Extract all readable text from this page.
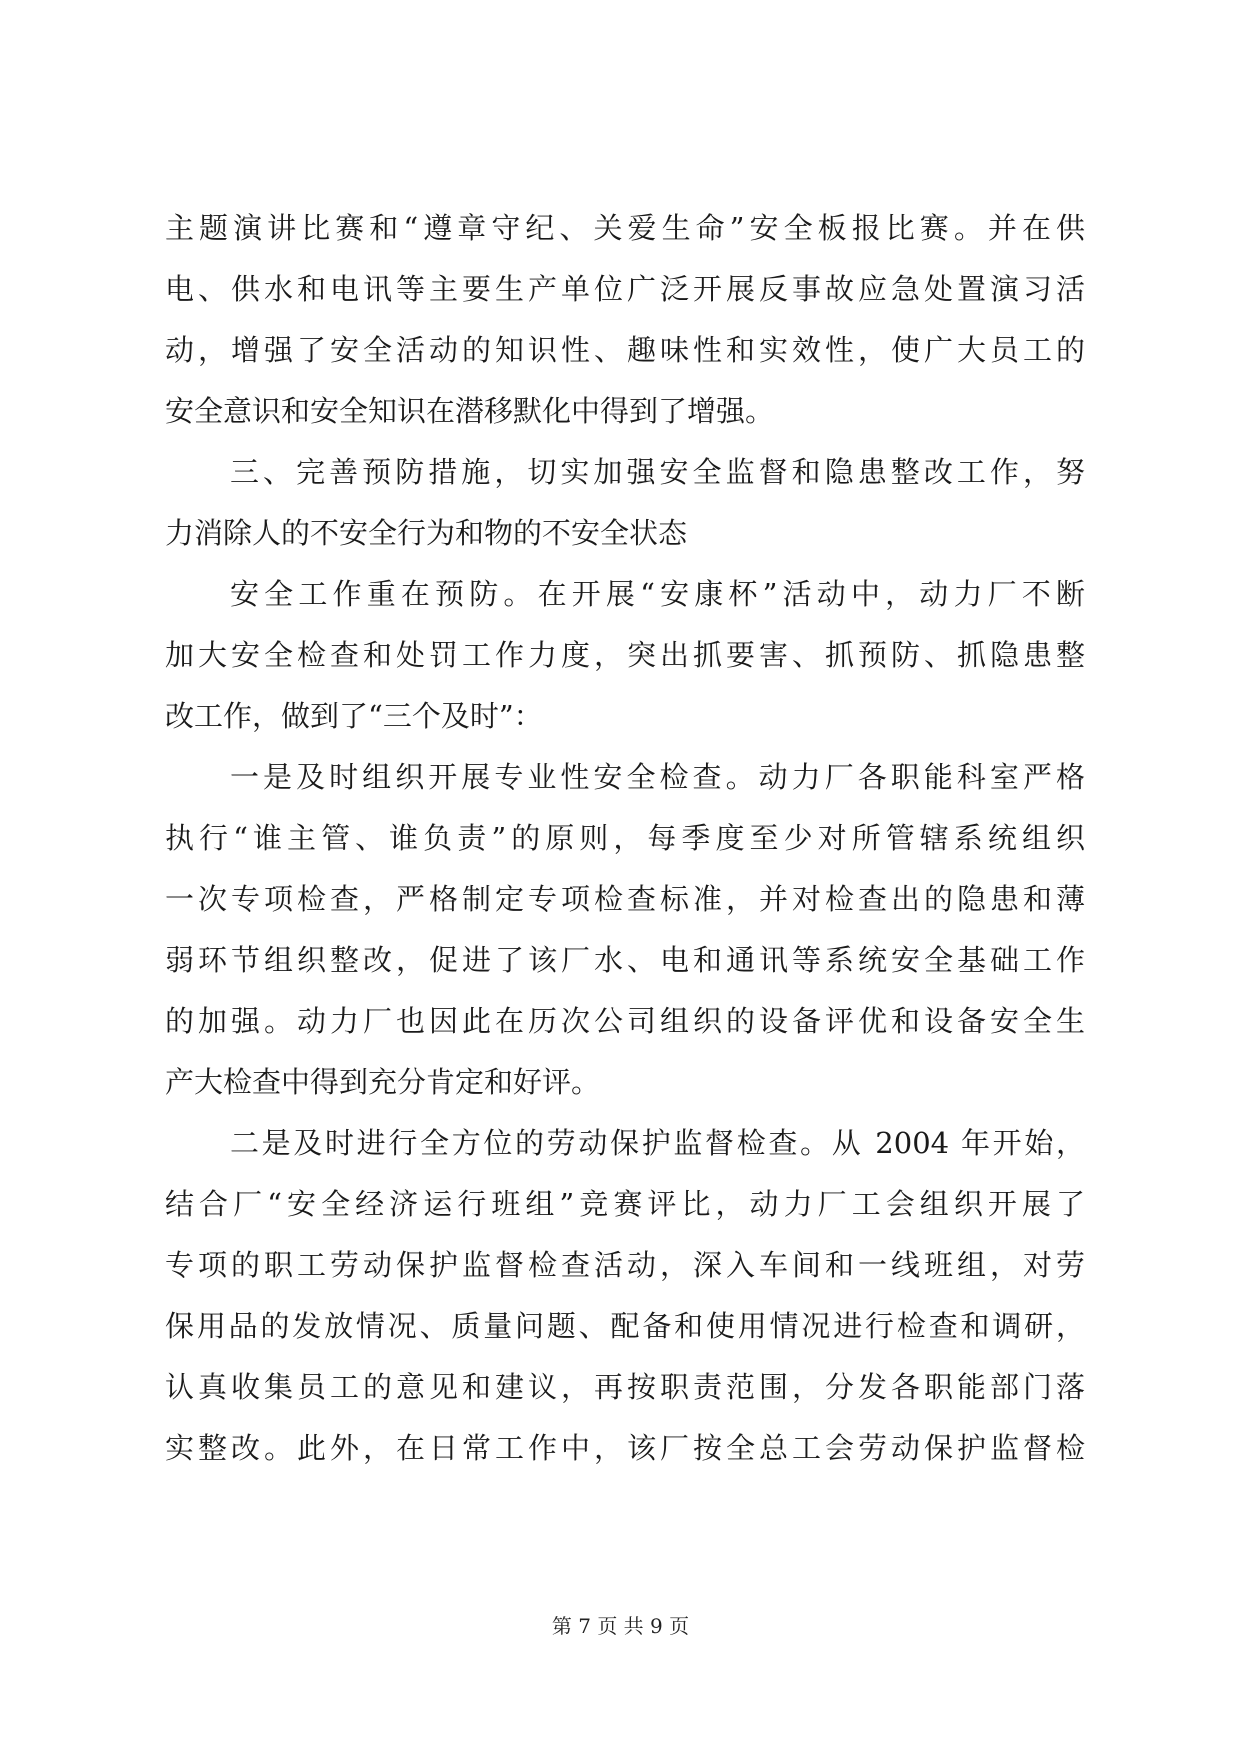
主题演讲比赛和“遵章守纪、关爱生命”安全板报比赛。并在供
电、供水和电讯等主要生产单位广泛开展反事故应急处置演习活
动，增强了安全活动的知识性、趣味性和实效性，使广大员工的
安全意识和安全知识在潜移默化中得到了增强。
三、完善预防措施，切实加强安全监督和隐患整改工作，努
力消除人的不安全行为和物的不安全状态
安全工作重在预防。在开展“安康杯”活动中，动力厂不断
加大安全检查和处罚工作力度，突出抓要害、抓预防、抓隐患整
改工作，做到了“三个及时”：
一是及时组织开展专业性安全检查。动力厂各职能科室严格
执行“谁主管、谁负责”的原则，每季度至少对所管辖系统组织
一次专项检查，严格制定专项检查标准，并对检查出的隐患和薄
弱环节组织整改，促进了该厂水、电和通讯等系统安全基础工作
的加强。动力厂也因此在历次公司组织的设备评优和设备安全生
产大检查中得到充分肯定和好评。
二是及时进行全方位的劳动保护监督检查。从 2004 年开始，
结合厂“安全经济运行班组”竞赛评比，动力厂工会组织开展了
专项的职工劳动保护监督检查活动，深入车间和一线班组，对劳
保用品的发放情况、质量问题、配备和使用情况进行检查和调研，
认真收集员工的意见和建议，再按职责范围，分发各职能部门落
实整改。此外，在日常工作中，该厂按全总工会劳动保护监督检
第 7 页 共 9 页
